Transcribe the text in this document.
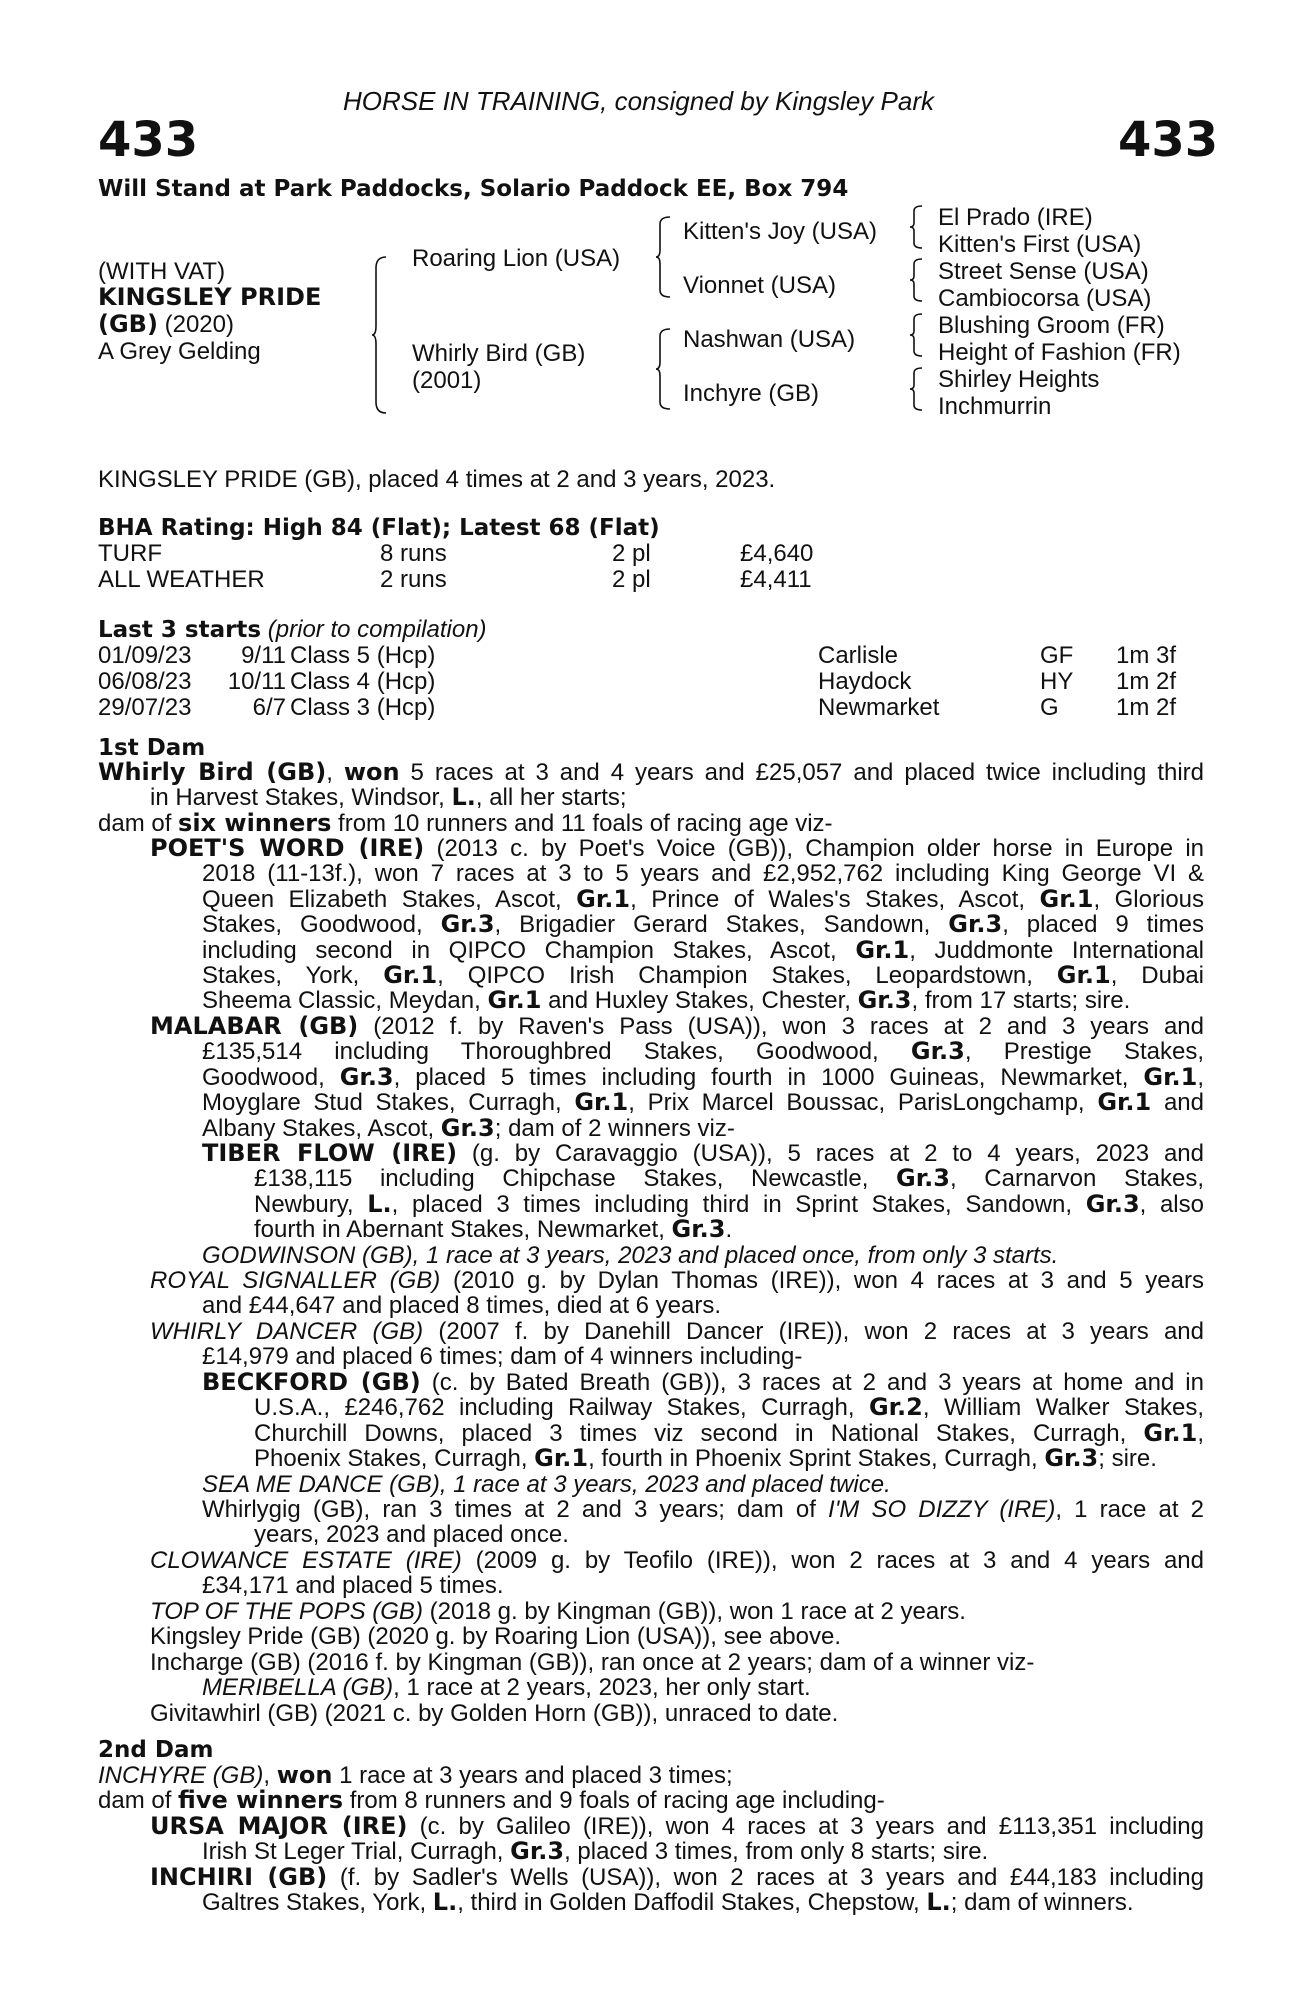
HORSE IN TRAINING, consigned by Kingsley Park
433	433
Will Stand at Park Paddocks, Solario Paddock EE, Box 794
(WITH VAT)
KINGSLEY PRIDE
(GB) (2020)
A Grey Gelding
Roaring Lion (USA)
Whirly Bird (GB)
(2001)
Kitten's Joy (USA)
Vionnet (USA)
Nashwan (USA)
Inchyre (GB)
El Prado (IRE)
Kitten's First (USA)
Street Sense (USA)
Cambiocorsa (USA)
Blushing Groom (FR)
Height of Fashion (FR)
Shirley Heights
Inchmurrin
KINGSLEY PRIDE (GB), placed 4 times at 2 and 3 years, 2023.
BHA Rating: High 84 (Flat); Latest 68 (Flat)
TURF	8 runs	2 pl	£4,640
ALL WEATHER	2 runs	2 pl	£4,411
Last 3 starts (prior to compilation)
01/09/23	9/11 Class 5 (Hcp)	Carlisle	GF 1m 3f
06/08/23	10/11 Class 4 (Hcp)	Haydock	HY 1m 2f
29/07/23	6/7 Class 3 (Hcp)	Newmarket	G 1m 2f
1st Dam
Whirly Bird (GB), won 5 races at 3 and 4 years and £25,057 and placed twice including third
in Harvest Stakes, Windsor, L., all her starts;
dam of six winners from 10 runners and 11 foals of racing age viz-
POET'S WORD (IRE) (2013 c. by Poet's Voice (GB)), Champion older horse in Europe in
2018 (11-13f.), won 7 races at 3 to 5 years and £2,952,762 including King George VI &
Queen Elizabeth Stakes, Ascot, Gr.1, Prince of Wales's Stakes, Ascot, Gr.1, Glorious
Stakes, Goodwood, Gr.3, Brigadier Gerard Stakes, Sandown, Gr.3, placed 9 times
including second in QIPCO Champion Stakes, Ascot, Gr.1, Juddmonte International
Stakes, York, Gr.1, QIPCO Irish Champion Stakes, Leopardstown, Gr.1, Dubai
Sheema Classic, Meydan, Gr.1 and Huxley Stakes, Chester, Gr.3, from 17 starts; sire.
MALABAR (GB) (2012 f. by Raven's Pass (USA)), won 3 races at 2 and 3 years and
£135,514 including Thoroughbred Stakes, Goodwood, Gr.3, Prestige Stakes,
Goodwood, Gr.3, placed 5 times including fourth in 1000 Guineas, Newmarket, Gr.1,
Moyglare Stud Stakes, Curragh, Gr.1, Prix Marcel Boussac, ParisLongchamp, Gr.1 and
Albany Stakes, Ascot, Gr.3; dam of 2 winners viz-
TIBER FLOW (IRE) (g. by Caravaggio (USA)), 5 races at 2 to 4 years, 2023 and
£138,115 including Chipchase Stakes, Newcastle, Gr.3, Carnarvon Stakes,
Newbury, L., placed 3 times including third in Sprint Stakes, Sandown, Gr.3, also
fourth in Abernant Stakes, Newmarket, Gr.3.
GODWINSON (GB), 1 race at 3 years, 2023 and placed once, from only 3 starts.
ROYAL SIGNALLER (GB) (2010 g. by Dylan Thomas (IRE)), won 4 races at 3 and 5 years
and £44,647 and placed 8 times, died at 6 years.
WHIRLY DANCER (GB) (2007 f. by Danehill Dancer (IRE)), won 2 races at 3 years and
£14,979 and placed 6 times; dam of 4 winners including-
BECKFORD (GB) (c. by Bated Breath (GB)), 3 races at 2 and 3 years at home and in
U.S.A., £246,762 including Railway Stakes, Curragh, Gr.2, William Walker Stakes,
Churchill Downs, placed 3 times viz second in National Stakes, Curragh, Gr.1,
Phoenix Stakes, Curragh, Gr.1, fourth in Phoenix Sprint Stakes, Curragh, Gr.3; sire.
SEA ME DANCE (GB), 1 race at 3 years, 2023 and placed twice.
Whirlygig (GB), ran 3 times at 2 and 3 years; dam of I'M SO DIZZY (IRE), 1 race at 2
years, 2023 and placed once.
CLOWANCE ESTATE (IRE) (2009 g. by Teofilo (IRE)), won 2 races at 3 and 4 years and
£34,171 and placed 5 times.
TOP OF THE POPS (GB) (2018 g. by Kingman (GB)), won 1 race at 2 years.
Kingsley Pride (GB) (2020 g. by Roaring Lion (USA)), see above.
Incharge (GB) (2016 f. by Kingman (GB)), ran once at 2 years; dam of a winner viz-
MERIBELLA (GB), 1 race at 2 years, 2023, her only start.
Givitawhirl (GB) (2021 c. by Golden Horn (GB)), unraced to date.
2nd Dam
INCHYRE (GB), won 1 race at 3 years and placed 3 times;
dam of five winners from 8 runners and 9 foals of racing age including-
URSA MAJOR (IRE) (c. by Galileo (IRE)), won 4 races at 3 years and £113,351 including
Irish St Leger Trial, Curragh, Gr.3, placed 3 times, from only 8 starts; sire.
INCHIRI (GB) (f. by Sadler's Wells (USA)), won 2 races at 3 years and £44,183 including
Galtres Stakes, York, L., third in Golden Daffodil Stakes, Chepstow, L.; dam of winners.
